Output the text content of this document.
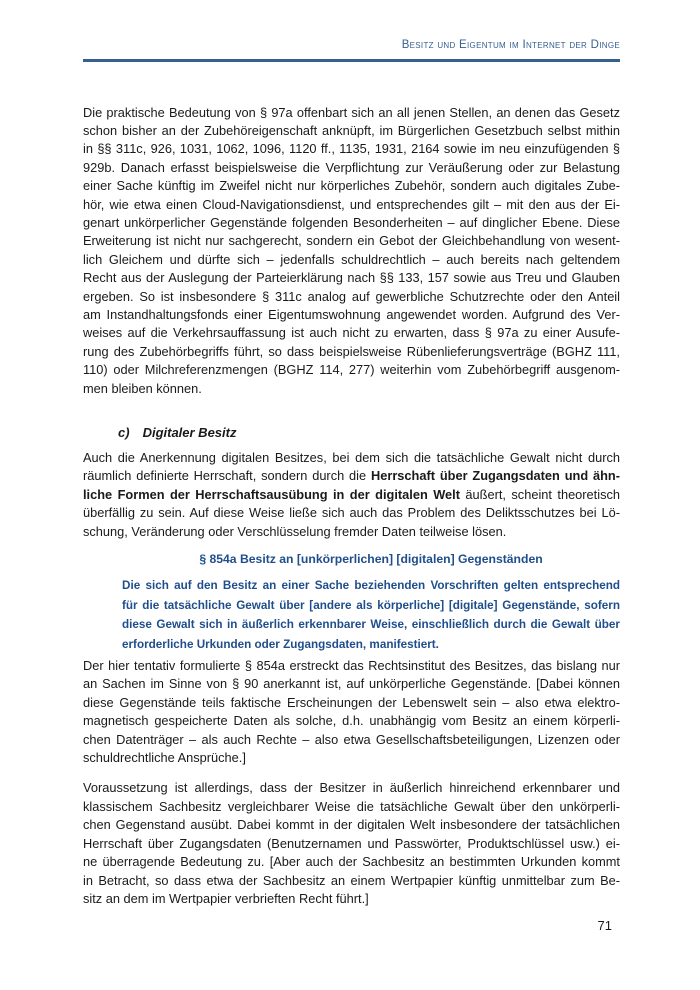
Besitz und Eigentum im Internet der Dinge
Die praktische Bedeutung von § 97a offenbart sich an all jenen Stellen, an denen das Gesetz
schon bisher an der Zubehöreigenschaft anknüpft, im Bürgerlichen Gesetzbuch selbst mithin
in §§ 311c, 926, 1031, 1062, 1096, 1120 ff., 1135, 1931, 2164 sowie im neu einzufügenden §
929b. Danach erfasst beispielsweise die Verpflichtung zur Veräußerung oder zur Belastung
einer Sache künftig im Zweifel nicht nur körperliches Zubehör, sondern auch digitales Zube-
hör, wie etwa einen Cloud-Navigationsdienst, und entsprechendes gilt – mit den aus der Ei-
genart unkörperlicher Gegenstände folgenden Besonderheiten – auf dinglicher Ebene. Diese
Erweiterung ist nicht nur sachgerecht, sondern ein Gebot der Gleichbehandlung von wesent-
lich Gleichem und dürfte sich – jedenfalls schuldrechtlich – auch bereits nach geltendem
Recht aus der Auslegung der Parteierklärung nach §§ 133, 157 sowie aus Treu und Glauben
ergeben. So ist insbesondere § 311c analog auf gewerbliche Schutzrechte oder den Anteil
am Instandhaltungsfonds einer Eigentumswohnung angewendet worden. Aufgrund des Ver-
weises auf die Verkehrsauffassung ist auch nicht zu erwarten, dass § 97a zu einer Ausufe-
rung des Zubehörbegriffs führt, so dass beispielsweise Rübenlieferungsverträge (BGHZ 111,
110) oder Milchreferenzmengen (BGHZ 114, 277) weiterhin vom Zubehörbegriff ausgenom-
men bleiben können.
c) Digitaler Besitz
Auch die Anerkennung digitalen Besitzes, bei dem sich die tatsächliche Gewalt nicht durch
räumlich definierte Herrschaft, sondern durch die Herrschaft über Zugangsdaten und ähn-
liche Formen der Herrschaftsausübung in der digitalen Welt äußert, scheint theoretisch
überfällig zu sein. Auf diese Weise ließe sich auch das Problem des Deliktsschutzes bei Lö-
schung, Veränderung oder Verschlüsselung fremder Daten teilweise lösen.
§ 854a Besitz an [unkörperlichen] [digitalen] Gegenständen
Die sich auf den Besitz an einer Sache beziehenden Vorschriften gelten entsprechend
für die tatsächliche Gewalt über [andere als körperliche] [digitale] Gegenstände, sofern
diese Gewalt sich in äußerlich erkennbarer Weise, einschließlich durch die Gewalt über
erforderliche Urkunden oder Zugangsdaten, manifestiert.
Der hier tentativ formulierte § 854a erstreckt das Rechtsinstitut des Besitzes, das bislang nur
an Sachen im Sinne von § 90 anerkannt ist, auf unkörperliche Gegenstände. [Dabei können
diese Gegenstände teils faktische Erscheinungen der Lebenswelt sein – also etwa elektro-
magnetisch gespeicherte Daten als solche, d.h. unabhängig vom Besitz an einem körperli-
chen Datenträger – als auch Rechte – also etwa Gesellschaftsbeteiligungen, Lizenzen oder
schuldrechtliche Ansprüche.]
Voraussetzung ist allerdings, dass der Besitzer in äußerlich hinreichend erkennbarer und
klassischem Sachbesitz vergleichbarer Weise die tatsächliche Gewalt über den unkörperli-
chen Gegenstand ausübt. Dabei kommt in der digitalen Welt insbesondere der tatsächlichen
Herrschaft über Zugangsdaten (Benutzernamen und Passwörter, Produktschlüssel usw.) ei-
ne überragende Bedeutung zu. [Aber auch der Sachbesitz an bestimmten Urkunden kommt
in Betracht, so dass etwa der Sachbesitz an einem Wertpapier künftig unmittelbar zum Be-
sitz an dem im Wertpapier verbrieften Recht führt.]
71
